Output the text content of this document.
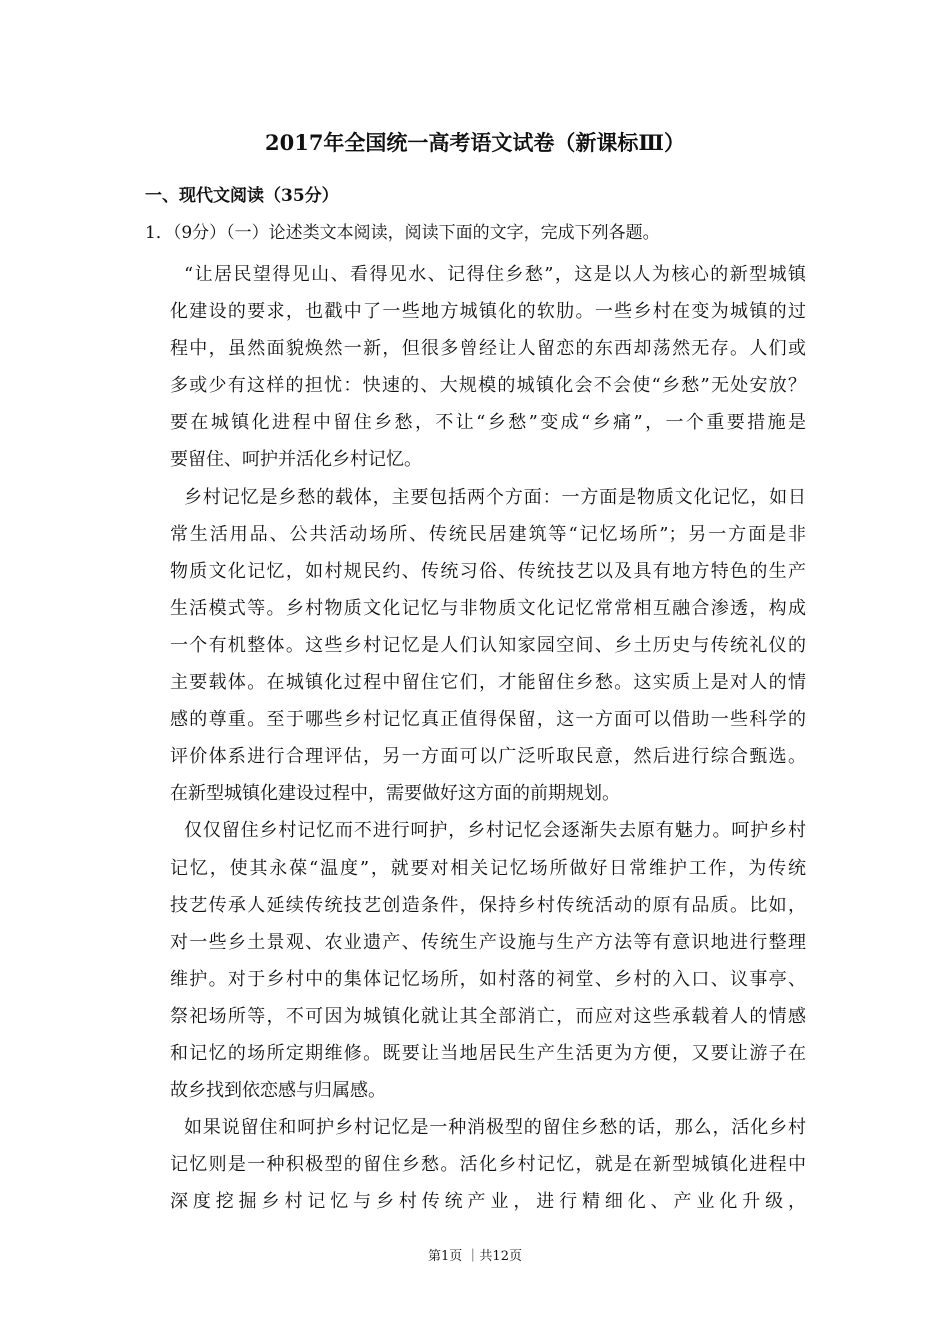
2017年全国统一高考语文试卷（新课标Ⅲ）
一、现代文阅读（35分）
1．（9分）（一）论述类文本阅读，阅读下面的文字，完成下列各题。
“让居民望得见山、看得见水、记得住乡愁”，这是以人为核心的新型城镇
化建设的要求，也戳中了一些地方城镇化的软肋。一些乡村在变为城镇的过
程中，虽然面貌焕然一新，但很多曾经让人留恋的东西却荡然无存。人们或
多或少有这样的担忧：快速的、大规模的城镇化会不会使“乡愁”无处安放？
要在城镇化进程中留住乡愁，不让“乡愁”变成“乡痛”，一个重要措施是
要留住、呵护并活化乡村记忆。
乡村记忆是乡愁的载体，主要包括两个方面：一方面是物质文化记忆，如日
常生活用品、公共活动场所、传统民居建筑等“记忆场所”；另一方面是非
物质文化记忆，如村规民约、传统习俗、传统技艺以及具有地方特色的生产
生活模式等。乡村物质文化记忆与非物质文化记忆常常相互融合渗透，构成
一个有机整体。这些乡村记忆是人们认知家园空间、乡土历史与传统礼仪的
主要载体。在城镇化过程中留住它们，才能留住乡愁。这实质上是对人的情
感的尊重。至于哪些乡村记忆真正值得保留，这一方面可以借助一些科学的
评价体系进行合理评估，另一方面可以广泛听取民意，然后进行综合甄选。
在新型城镇化建设过程中，需要做好这方面的前期规划。
仅仅留住乡村记忆而不进行呵护，乡村记忆会逐渐失去原有魅力。呵护乡村
记忆，使其永葆“温度”，就要对相关记忆场所做好日常维护工作，为传统
技艺传承人延续传统技艺创造条件，保持乡村传统活动的原有品质。比如，
对一些乡土景观、农业遗产、传统生产设施与生产方法等有意识地进行整理
维护。对于乡村中的集体记忆场所，如村落的祠堂、乡村的入口、议事亭、
祭祀场所等，不可因为城镇化就让其全部消亡，而应对这些承载着人的情感
和记忆的场所定期维修。既要让当地居民生产生活更为方便，又要让游子在
故乡找到依恋感与归属感。
如果说留住和呵护乡村记忆是一种消极型的留住乡愁的话，那么，活化乡村
记忆则是一种积极型的留住乡愁。活化乡村记忆，就是在新型城镇化进程中
深度挖掘乡村记忆与乡村传统产业，进行精细化、产业化升级，
第1页 ｜共12页
